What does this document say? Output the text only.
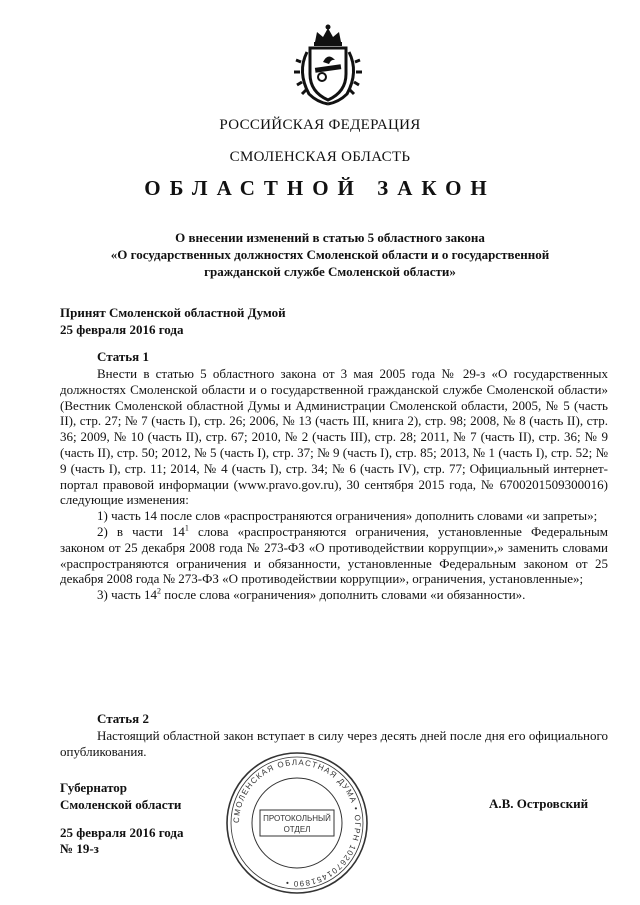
РОССИЙСКАЯ ФЕДЕРАЦИЯ
СМОЛЕНСКАЯ ОБЛАСТЬ
ОБЛАСТНОЙ ЗАКОН
О внесении изменений в статью 5 областного закона
«О государственных должностях Смоленской области и о государственной
гражданской службе Смоленской области»
Принят Смоленской областной Думой
25 февраля 2016 года
Статья 1

Внести в статью 5 областного закона от 3 мая 2005 года № 29-з «О государственных должностях Смоленской области и о государственной гражданской службе Смоленской области» (Вестник Смоленской областной Думы и Администрации Смоленской области, 2005, № 5 (часть II), стр. 27; № 7 (часть I), стр. 26; 2006, № 13 (часть III, книга 2), стр. 98; 2008, № 8 (часть II), стр. 36; 2009, № 10 (часть II), стр. 67; 2010, № 2 (часть III), стр. 28; 2011, № 7 (часть II), стр. 36; № 9 (часть II), стр. 50; 2012, № 5 (часть I), стр. 37; № 9 (часть I), стр. 85; 2013, № 1 (часть I), стр. 52; № 9 (часть I), стр. 11; 2014, № 4 (часть I), стр. 34; № 6 (часть IV), стр. 77; Официальный интернет-портал правовой информации (www.pravo.gov.ru), 30 сентября 2015 года, № 6700201509300016) следующие изменения:

1) часть 14 после слов «распространяются ограничения» дополнить словами «и запреты»;

2) в части $14^1$ слова «распространяются ограничения, установленные Федеральным законом от 25 декабря 2008 года № 273-ФЗ «О противодействии коррупции»,» заменить словами «распространяются ограничения и обязанности, установленные Федеральным законом от 25 декабря 2008 года № 273-ФЗ «О противодействии коррупции», ограничения, установленные»;

3) часть $14^2$ после слова «ограничения» дополнить словами «и обязанности».

Статья 2

Настоящий областной закон вступает в силу через десять дней после дня его официального опубликования.

СМОЛЕНСКАЯ ОБЛАСТНАЯ ДУМА • ОГРН 1026701451890 •
ПРОТОКОЛЬНЫЙ
ОТДЕЛ
Губернатор
Смоленской области	А.В. Островский
25 февраля 2016 года
№ 19-з
